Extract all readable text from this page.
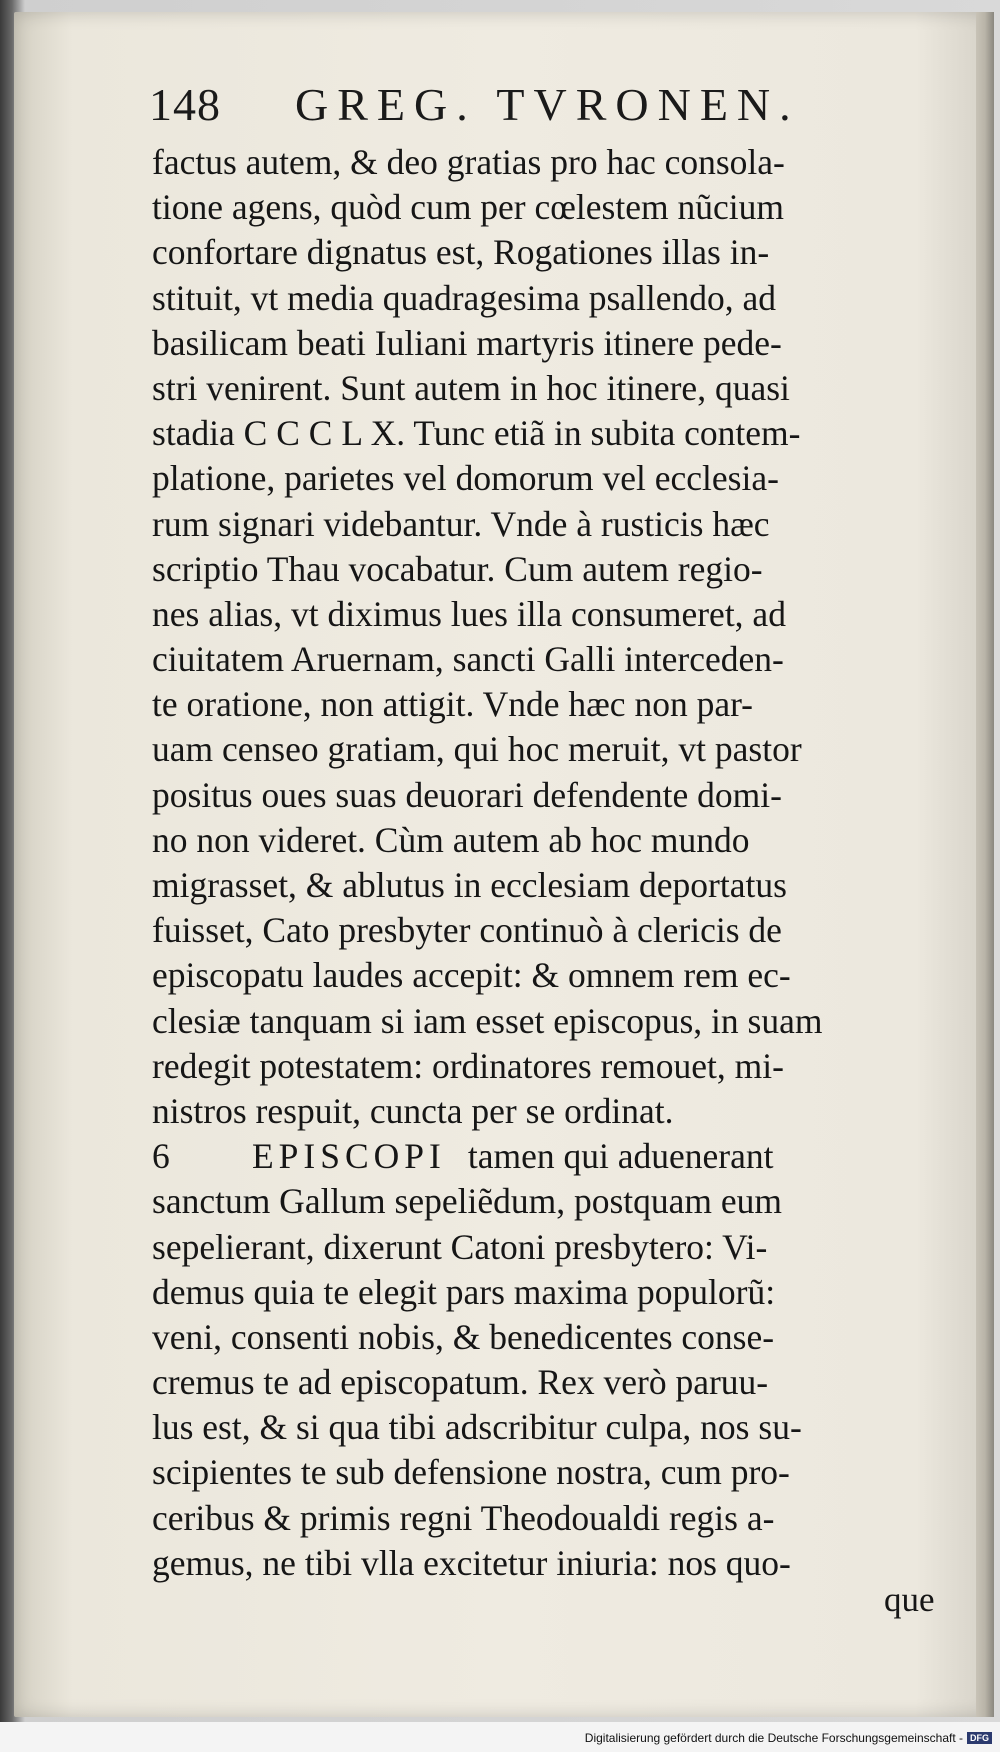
148 GREG. TVRONEN.
factus autem, & deo gratias pro hac consola-
tione agens, quòd cum per cœlestem nũcium
confortare dignatus est, Rogationes illas in-
stituit, vt media quadragesima psallendo, ad
basilicam beati Iuliani martyris itinere pede-
stri venirent. Sunt autem in hoc itinere, quasi
stadia C C C L X. Tunc etiã in subita contem-
platione, parietes vel domorum vel ecclesia-
rum signari videbantur. Vnde à rusticis hæc
scriptio Thau vocabatur. Cum autem regio-
nes alias, vt diximus lues illa consumeret, ad
ciuitatem Aruernam, sancti Galli interceden-
te oratione, non attigit. Vnde hæc non par-
uam censeo gratiam, qui hoc meruit, vt pastor
positus oues suas deuorari defendente domi-
no non videret. Cùm autem ab hoc mundo
migrasset, & ablutus in ecclesiam deportatus
fuisset, Cato presbyter continuò à clericis de
episcopatu laudes accepit: & omnem rem ec-
clesiæ tanquam si iam esset episcopus, in suam
redegit potestatem: ordinatores remouet, mi-
nistros respuit, cuncta per se ordinat.
6 EPISCOPI tamen qui aduenerant
sanctum Gallum sepeliẽdum, postquam eum
sepelierant, dixerunt Catoni presbytero: Vi-
demus quia te elegit pars maxima populorũ:
veni, consenti nobis, & benedicentes conse-
cremus te ad episcopatum. Rex verò paruu-
lus est, & si qua tibi adscribitur culpa, nos su-
scipientes te sub defensione nostra, cum pro-
ceribus & primis regni Theodoualdi regis a-
gemus, ne tibi vlla excitetur iniuria: nos quo-
que
Digitalisierung gefördert durch die Deutsche Forschungsgemeinschaft - DFG
